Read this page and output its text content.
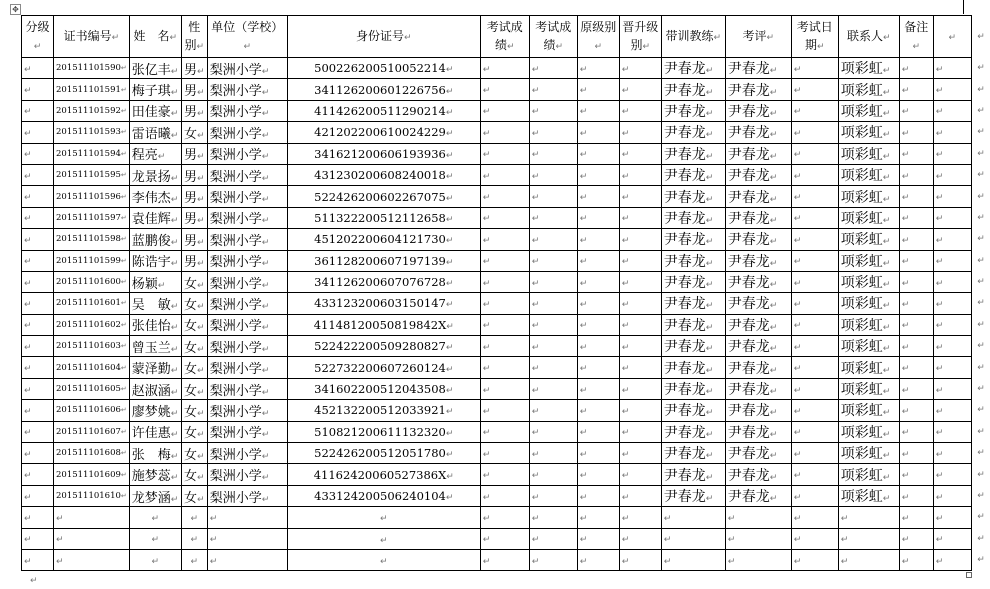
✥
分级↵	证书编号↵	姓　名↵	性别↵	单位（学校）↵	身份证号↵	考试成绩↵	考试成绩↵	原级别↵	晋升级别↵	带训教练↵	考评↵	考试日期↵	联系人↵	备注↵	↵ ↵

↵	201511101590↵	张亿丰↵	男↵	梨洲小学↵	500226200510052214↵	↵	↵	↵	↵	尹春龙↵	尹春龙↵	↵	项彩虹↵	↵	↵ ↵

↵	201511101591↵	梅子琪↵	男↵	梨洲小学↵	341126200601226756↵	↵	↵	↵	↵	尹春龙↵	尹春龙↵	↵	项彩虹↵	↵	↵ ↵

↵	201511101592↵	田佳豪↵	男↵	梨洲小学↵	411426200511290214↵	↵	↵	↵	↵	尹春龙↵	尹春龙↵	↵	项彩虹↵	↵	↵ ↵

↵	201511101593↵	雷语曦↵	女↵	梨洲小学↵	421202200610024229↵	↵	↵	↵	↵	尹春龙↵	尹春龙↵	↵	项彩虹↵	↵	↵ ↵

↵	201511101594↵	程亮↵	男↵	梨洲小学↵	341621200606193936↵	↵	↵	↵	↵	尹春龙↵	尹春龙↵	↵	项彩虹↵	↵	↵ ↵

↵	201511101595↵	龙景扬↵	男↵	梨洲小学↵	431230200608240018↵	↵	↵	↵	↵	尹春龙↵	尹春龙↵	↵	项彩虹↵	↵	↵ ↵

↵	201511101596↵	李伟杰↵	男↵	梨洲小学↵	522426200602267075↵	↵	↵	↵	↵	尹春龙↵	尹春龙↵	↵	项彩虹↵	↵	↵ ↵

↵	201511101597↵	袁佳辉↵	男↵	梨洲小学↵	511322200512112658↵	↵	↵	↵	↵	尹春龙↵	尹春龙↵	↵	项彩虹↵	↵	↵ ↵

↵	201511101598↵	蓝鹏俊↵	男↵	梨洲小学↵	451202200604121730↵	↵	↵	↵	↵	尹春龙↵	尹春龙↵	↵	项彩虹↵	↵	↵ ↵

↵	201511101599↵	陈诰宇↵	男↵	梨洲小学↵	361128200607197139↵	↵	↵	↵	↵	尹春龙↵	尹春龙↵	↵	项彩虹↵	↵	↵ ↵

↵	201511101600↵	杨颖↵	女↵	梨洲小学↵	341126200607076728↵	↵	↵	↵	↵	尹春龙↵	尹春龙↵	↵	项彩虹↵	↵	↵ ↵

↵	201511101601↵	吴　敏↵	女↵	梨洲小学↵	433123200603150147↵	↵	↵	↵	↵	尹春龙↵	尹春龙↵	↵	项彩虹↵	↵	↵ ↵

↵	201511101602↵	张佳怡↵	女↵	梨洲小学↵	41148120050819842X↵	↵	↵	↵	↵	尹春龙↵	尹春龙↵	↵	项彩虹↵	↵	↵ ↵

↵	201511101603↵	曾玉兰↵	女↵	梨洲小学↵	522422200509280827↵	↵	↵	↵	↵	尹春龙↵	尹春龙↵	↵	项彩虹↵	↵	↵ ↵

↵	201511101604↵	蒙泽勤↵	女↵	梨洲小学↵	522732200607260124↵	↵	↵	↵	↵	尹春龙↵	尹春龙↵	↵	项彩虹↵	↵	↵ ↵

↵	201511101605↵	赵淑涵↵	女↵	梨洲小学↵	341602200512043508↵	↵	↵	↵	↵	尹春龙↵	尹春龙↵	↵	项彩虹↵	↵	↵ ↵

↵	201511101606↵	廖梦姚↵	女↵	梨洲小学↵	452132200512033921↵	↵	↵	↵	↵	尹春龙↵	尹春龙↵	↵	项彩虹↵	↵	↵ ↵

↵	201511101607↵	许佳惠↵	女↵	梨洲小学↵	510821200611132320↵	↵	↵	↵	↵	尹春龙↵	尹春龙↵	↵	项彩虹↵	↵	↵ ↵

↵	201511101608↵	张　梅↵	女↵	梨洲小学↵	522426200512051780↵	↵	↵	↵	↵	尹春龙↵	尹春龙↵	↵	项彩虹↵	↵	↵ ↵

↵	201511101609↵	施梦蕊↵	女↵	梨洲小学↵	41162420060527386X↵	↵	↵	↵	↵	尹春龙↵	尹春龙↵	↵	项彩虹↵	↵	↵ ↵

↵	201511101610↵	龙梦涵↵	女↵	梨洲小学↵	433124200506240104↵	↵	↵	↵	↵	尹春龙↵	尹春龙↵	↵	项彩虹↵	↵	↵ ↵

↵	↵	↵	↵	↵	↵	↵	↵	↵	↵	↵	↵	↵	↵	↵	↵ ↵

↵	↵	↵	↵	↵	↵	↵	↵	↵	↵	↵	↵	↵	↵	↵	↵ ↵

↵	↵	↵	↵	↵	↵	↵	↵	↵	↵	↵	↵	↵	↵	↵	↵ ↵
↵
